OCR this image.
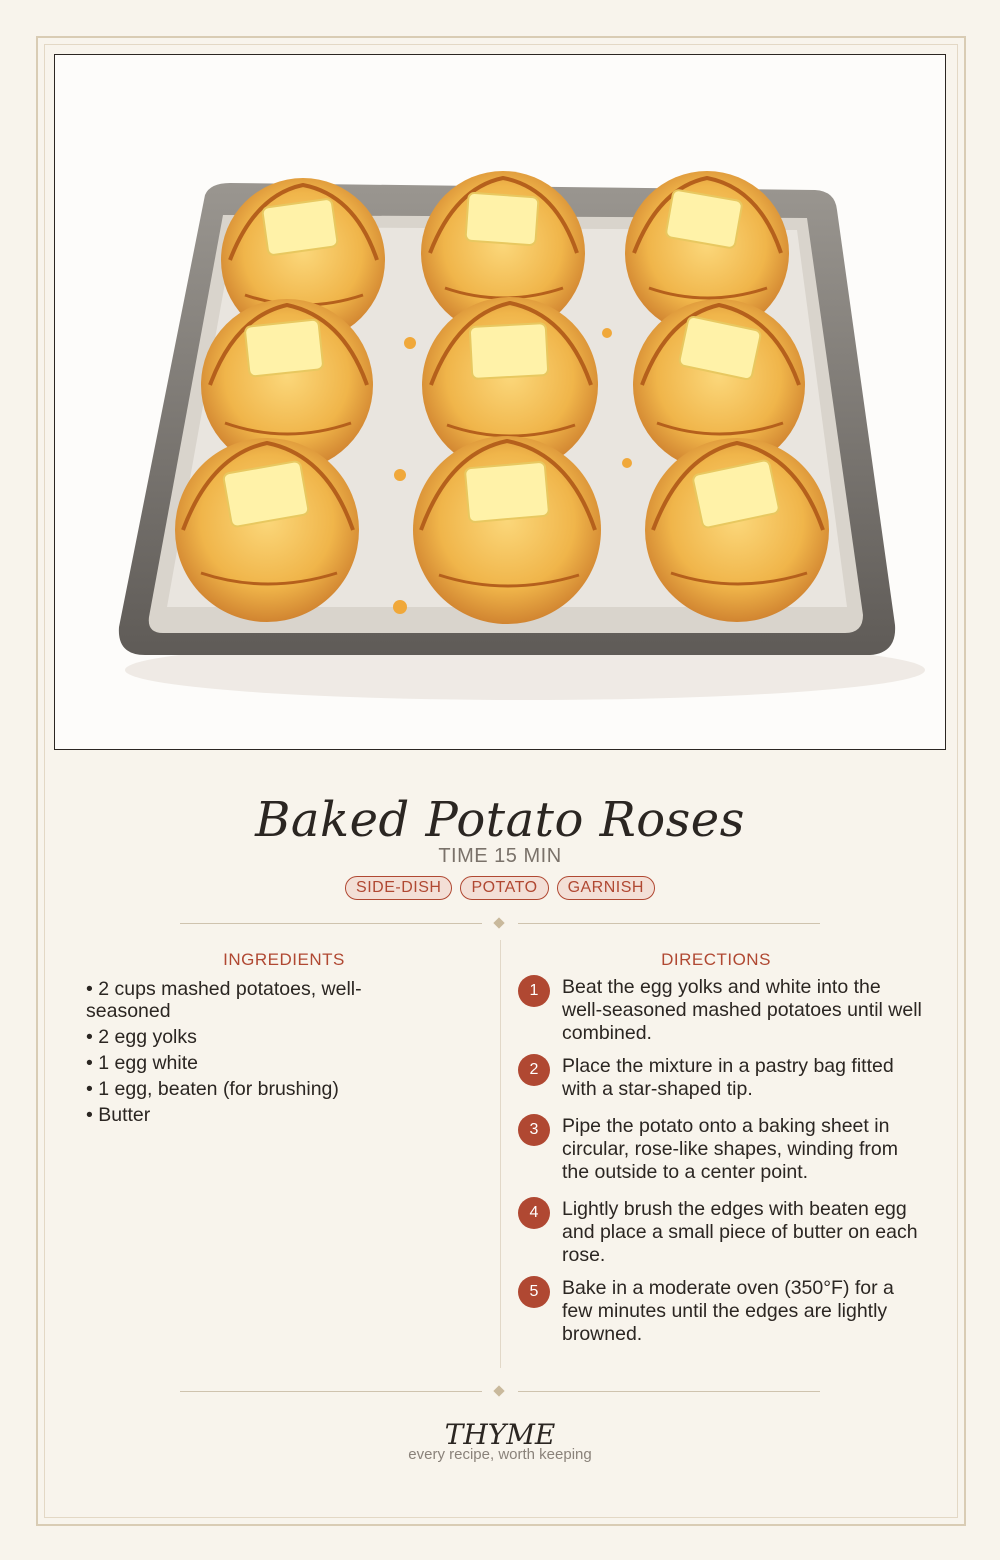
Baked Potato Roses
TIME 15 MIN
SIDE-DISH	POTATO	GARNISH
INGREDIENTS
• 2 cups mashed potatoes, well-seasoned
• 2 egg yolks
• 1 egg white
• 1 egg, beaten (for brushing)
• Butter
DIRECTIONS
1	Beat the egg yolks and white into the well-seasoned mashed potatoes until well combined.
2	Place the mixture in a pastry bag fitted with a star-shaped tip.
3	Pipe the potato onto a baking sheet in circular, rose-like shapes, winding from the outside to a center point.
4	Lightly brush the edges with beaten egg and place a small piece of butter on each rose.
5	Bake in a moderate oven (350°F) for a few minutes until the edges are lightly browned.
THYME
every recipe, worth keeping
